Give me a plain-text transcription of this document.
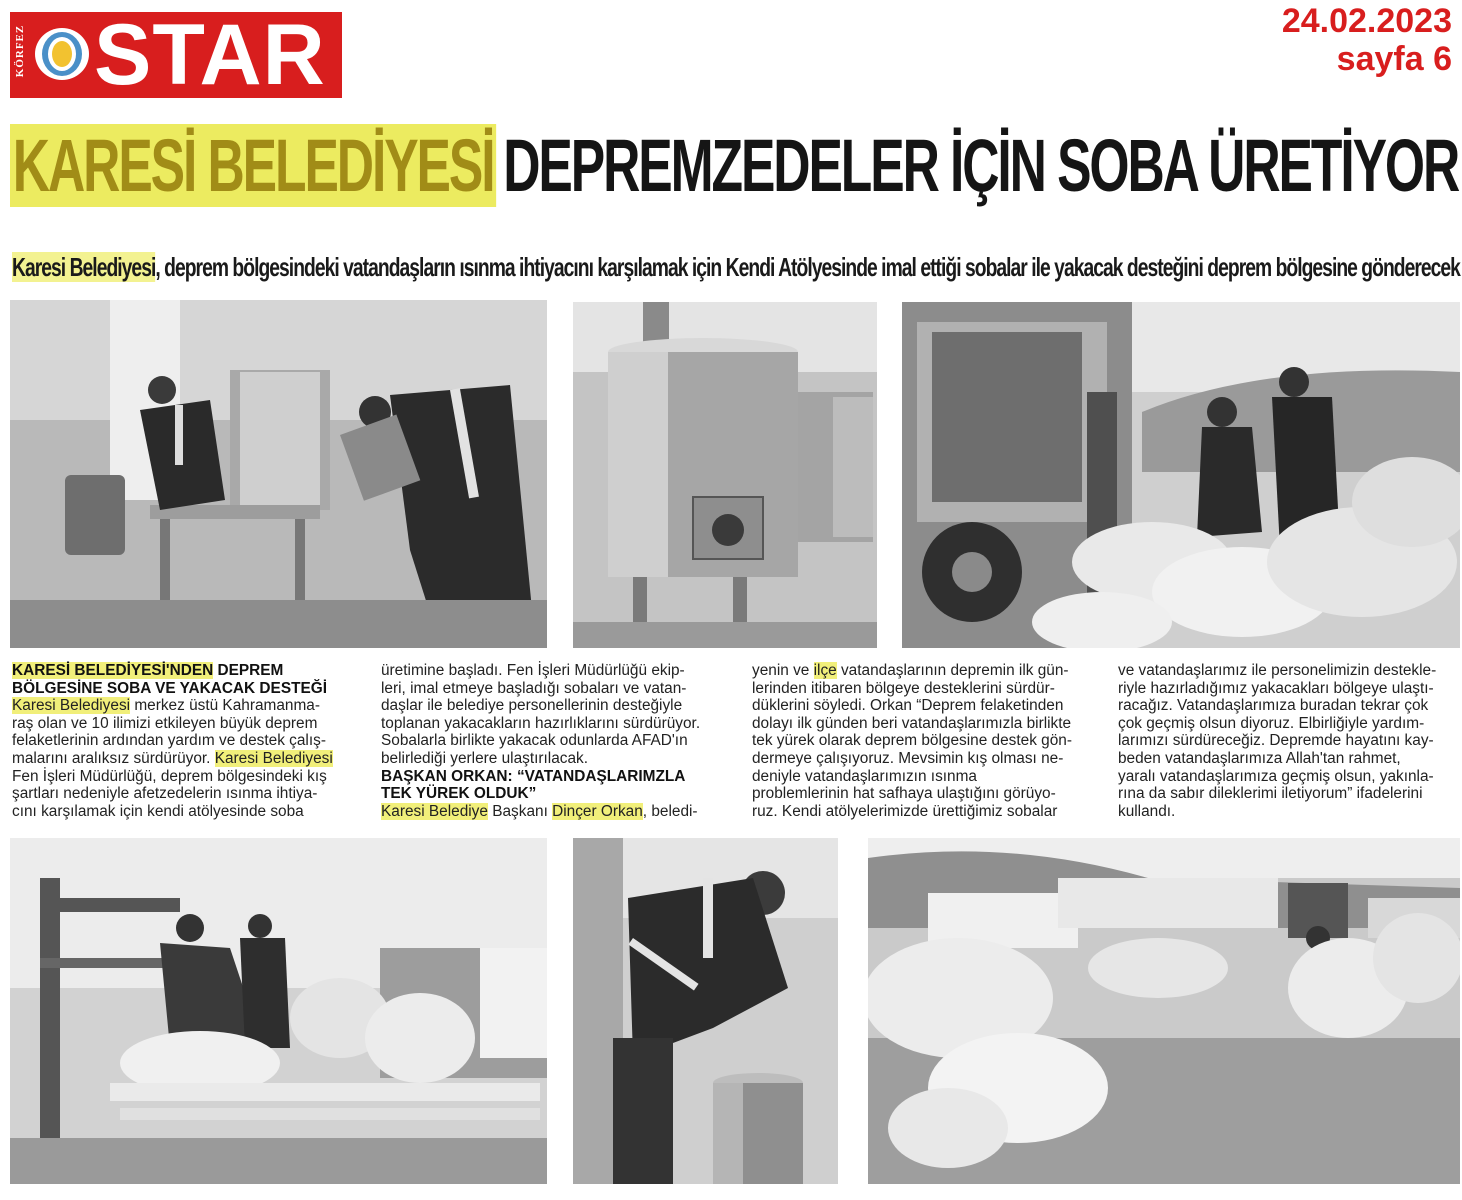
KÖRFEZ STAR	24.02.2023
sayfa 6
KARESİ BELEDİYESİ DEPREMZEDELER İÇİN SOBA ÜRETİYOR
Karesi Belediyesi, deprem bölgesindeki vatandaşların ısınma ihtiyacını karşılamak için Kendi Atölyesinde imal ettiği sobalar ile yakacak desteğini deprem bölgesine gönderecek

KARESİ BELEDİYESİ'NDEN DEPREM

BÖLGESİNE SOBA VE YAKACAK DESTEĞİ

Karesi Belediyesi merkez üstü Kahramanma-

raş olan ve 10 ilimizi etkileyen büyük deprem

felaketlerinin ardından yardım ve destek çalış-

malarını aralıksız sürdürüyor. Karesi Belediyesi

Fen İşleri Müdürlüğü, deprem bölgesindeki kış

şartları nedeniyle afetzedelerin ısınma ihtiya-

cını karşılamak için kendi atölyesinde soba

üretimine başladı. Fen İşleri Müdürlüğü ekip-

leri, imal etmeye başladığı sobaları ve vatan-

daşlar ile belediye personellerinin desteğiyle

toplanan yakacakların hazırlıklarını sürdürüyor.

Sobalarla birlikte yakacak odunlarda AFAD'ın

belirlediği yerlere ulaştırılacak.

BAŞKAN ORKAN: “VATANDAŞLARIMZLA

TEK YÜREK OLDUK”

Karesi Belediye Başkanı Dinçer Orkan, beledi-

yenin ve ilçe vatandaşlarının depremin ilk gün-

lerinden itibaren bölgeye desteklerini sürdür-

düklerini söyledi. Orkan “Deprem felaketinden

dolayı ilk günden beri vatandaşlarımızla birlikte

tek yürek olarak deprem bölgesine destek gön-

dermeye çalışıyoruz. Mevsimin kış olması ne-

deniyle vatandaşlarımızın ısınma

problemlerinin hat safhaya ulaştığını görüyo-

ruz. Kendi atölyelerimizde ürettiğimiz sobalar

ve vatandaşlarımız ile personelimizin destekle-

riyle hazırladığımız yakacakları bölgeye ulaştı-

racağız. Vatandaşlarımıza buradan tekrar çok

çok geçmiş olsun diyoruz. Elbirliğiyle yardım-

larımızı sürdüreceğiz. Depremde hayatını kay-

beden vatandaşlarımıza Allah'tan rahmet,

yaralı vatandaşlarımıza geçmiş olsun, yakınla-

rına da sabır dileklerimi iletiyorum” ifadelerini

kullandı.
